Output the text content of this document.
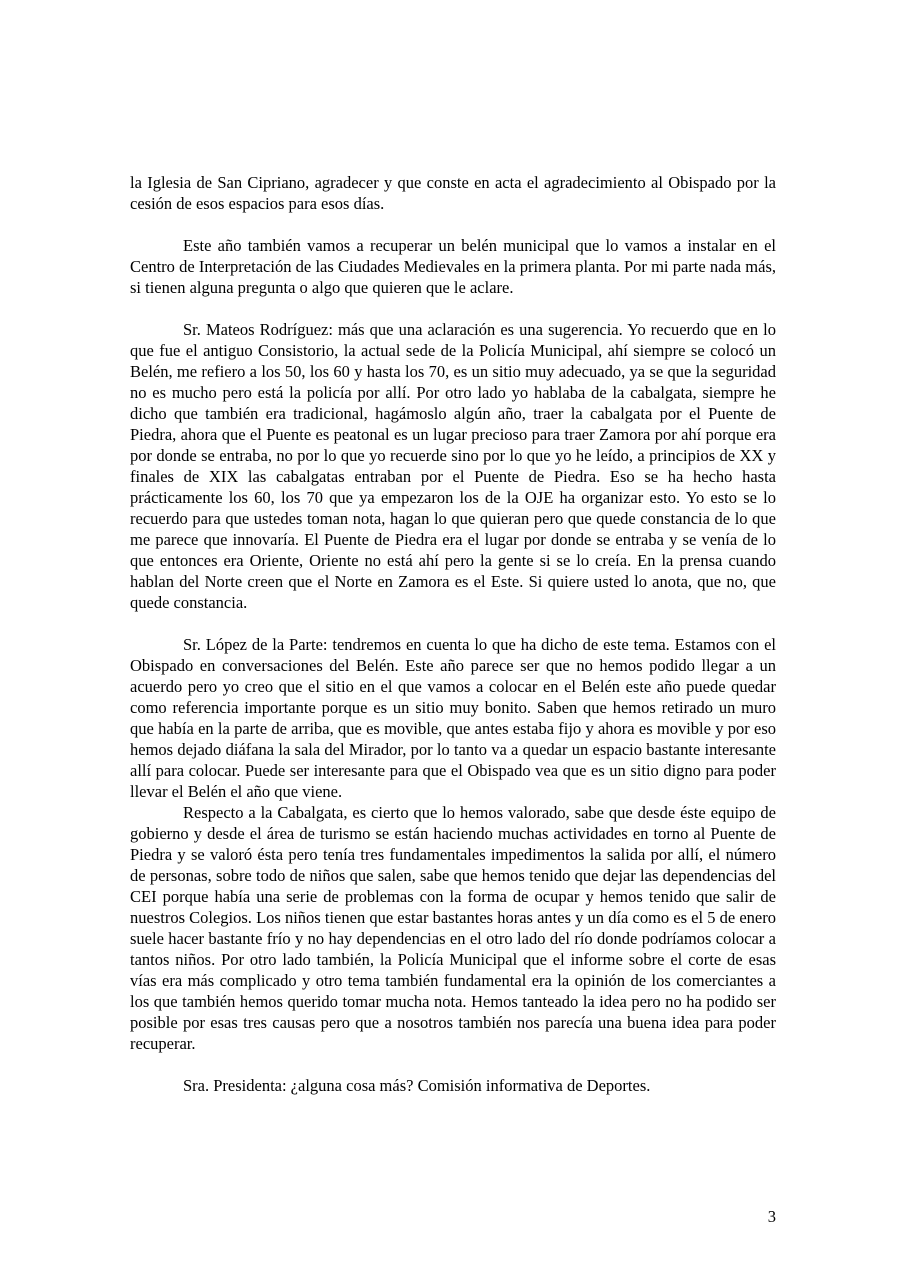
la Iglesia de San Cipriano, agradecer y que conste en acta el agradecimiento al Obispado por la cesión de esos espacios para esos días.

Este año también vamos a recuperar un belén municipal que lo vamos a instalar en el Centro de Interpretación de las Ciudades Medievales en la primera planta. Por mi parte nada más, si tienen alguna pregunta o algo que quieren que le aclare.

Sr. Mateos Rodríguez: más que una aclaración es una sugerencia. Yo recuerdo que en lo que fue el antiguo Consistorio, la actual sede de la Policía Municipal, ahí siempre se colocó un Belén, me refiero a los 50, los 60 y hasta los 70, es un sitio muy adecuado, ya se que la seguridad no es mucho pero está la policía por allí. Por otro lado yo hablaba de la cabalgata, siempre he dicho que también era tradicional, hagámoslo algún año, traer la cabalgata por el Puente de Piedra, ahora que el Puente es peatonal es un lugar precioso para traer Zamora por ahí porque era por donde se entraba, no por lo que yo recuerde sino por lo que yo he leído, a principios de XX y finales de XIX las cabalgatas entraban por el Puente de Piedra. Eso se ha hecho hasta prácticamente los 60, los 70 que ya empezaron los de la OJE ha organizar esto. Yo esto se lo recuerdo para que ustedes toman nota, hagan lo que quieran pero que quede constancia de lo que me parece que innovaría. El Puente de Piedra era el lugar por donde se entraba y se venía de lo que entonces era Oriente, Oriente no está ahí pero la gente si se lo creía. En la prensa cuando hablan del Norte creen que el Norte en Zamora es el Este. Si quiere usted lo anota, que no, que quede constancia.

Sr. López de la Parte: tendremos en cuenta lo que ha dicho de este tema. Estamos con el Obispado en conversaciones del Belén. Este año parece ser que no hemos podido llegar a un acuerdo pero yo creo que el sitio en el que vamos a colocar en el Belén este año puede quedar como referencia importante porque es un sitio muy bonito. Saben que hemos retirado un muro que había en la parte de arriba, que es movible, que antes estaba fijo y ahora es movible y por eso hemos dejado diáfana la sala del Mirador, por lo tanto va a quedar un espacio bastante interesante allí para colocar. Puede ser interesante para que el Obispado vea que es un sitio digno para poder llevar el Belén el año que viene.

Respecto a la Cabalgata, es cierto que lo hemos valorado, sabe que desde éste equipo de gobierno y desde el área de turismo se están haciendo muchas actividades en torno al Puente de Piedra y se valoró ésta pero tenía tres fundamentales impedimentos la salida por allí, el número de personas, sobre todo de niños que salen, sabe que hemos tenido que dejar las dependencias del CEI porque había una serie de problemas con la forma de ocupar y hemos tenido que salir de nuestros Colegios. Los niños tienen que estar bastantes horas antes y un día como es el 5 de enero suele hacer bastante frío y no hay dependencias en el otro lado del río donde podríamos colocar a tantos niños. Por otro lado también, la Policía Municipal que el informe sobre el corte de esas vías era más complicado y otro tema también fundamental era la opinión de los comerciantes a los que también hemos querido tomar mucha nota. Hemos tanteado la idea pero no ha podido ser posible por esas tres causas pero que a nosotros también nos parecía una buena idea para poder recuperar.

Sra. Presidenta: ¿alguna cosa más? Comisión informativa de Deportes.

3
